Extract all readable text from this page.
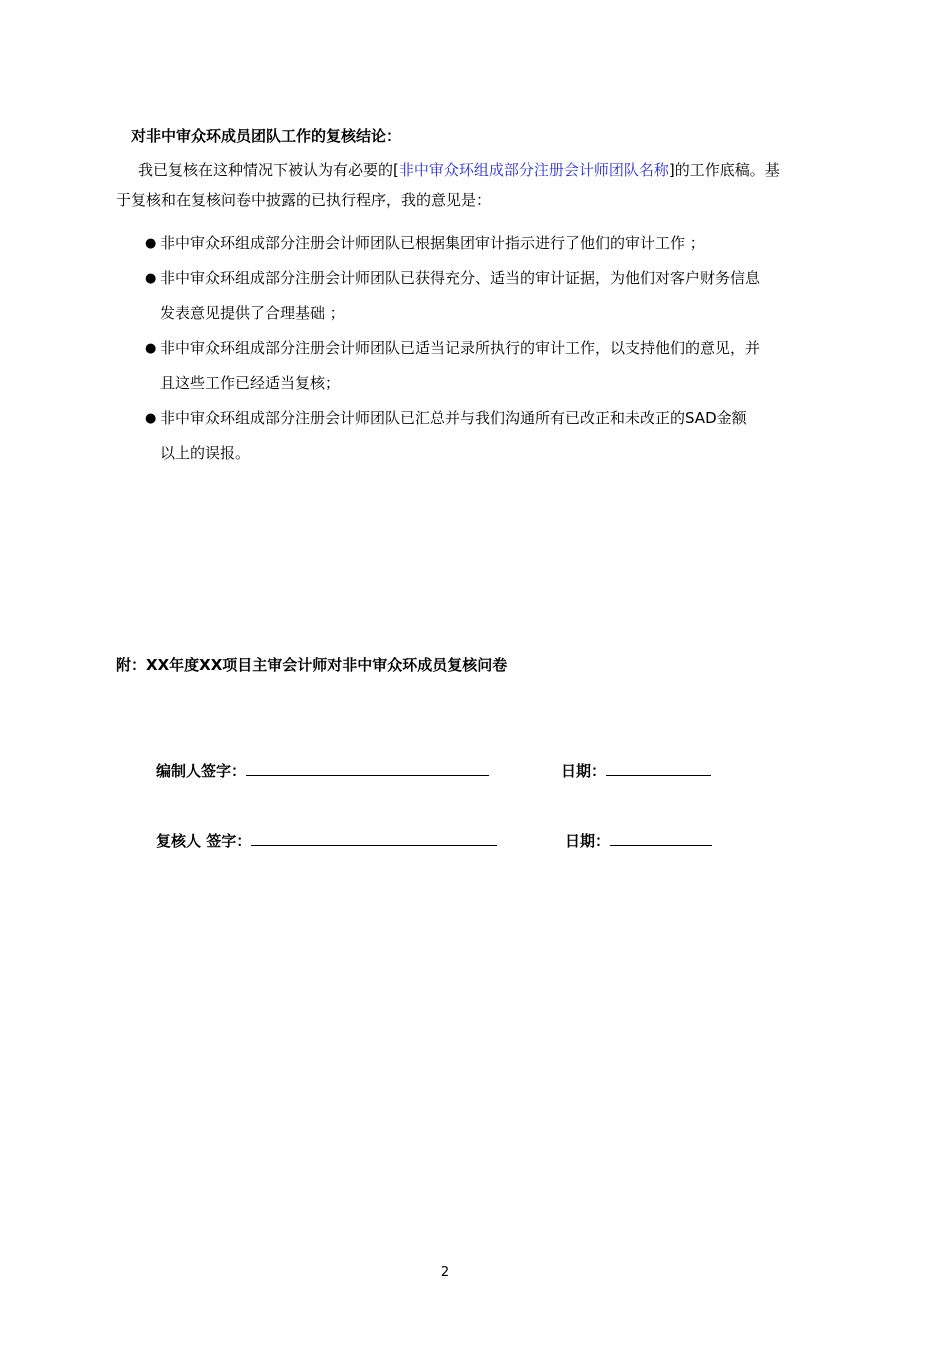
对非中审众环成员团队工作的复核结论：
我已复核在这种情况下被认为有必要的[非中审众环组成部分注册会计师团队名称]的工作底稿。基
于复核和在复核问卷中披露的已执行程序，我的意见是：
● 非中审众环组成部分注册会计师团队已根据集团审计指示进行了他们的审计工作 ；
● 非中审众环组成部分注册会计师团队已获得充分、适当的审计证据，为他们对客户财务信息
发表意见提供了合理基础 ；
● 非中审众环组成部分注册会计师团队已适当记录所执行的审计工作，以支持他们的意见，并
且这些工作已经适当复核；
● 非中审众环组成部分注册会计师团队已汇总并与我们沟通所有已改正和未改正的SAD金额
以上的误报。
附：XX年度XX项目主审会计师对非中审众环成员复核问卷
编制人签字：	日期：
复核人 签字：	日期：
2
